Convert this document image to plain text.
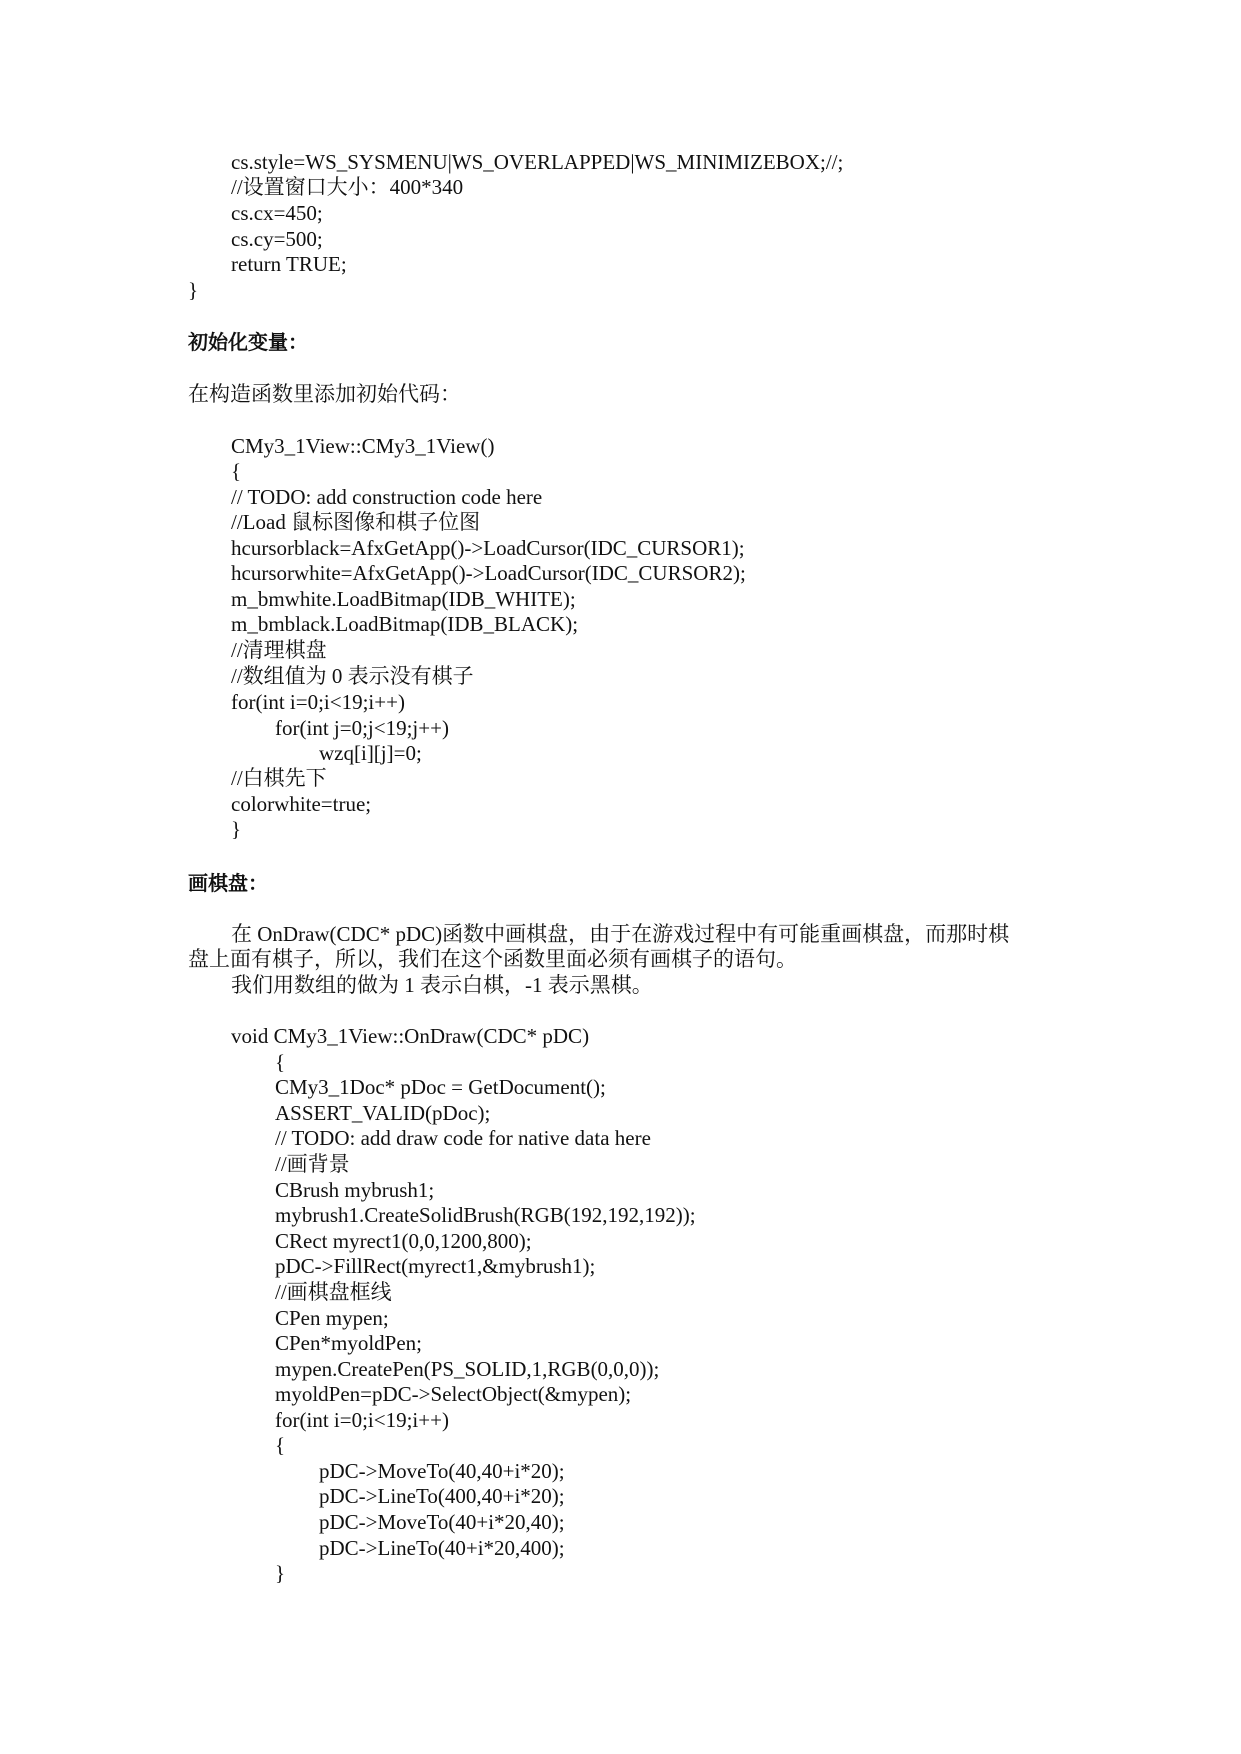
cs.style=WS_SYSMENU|WS_OVERLAPPED|WS_MINIMIZEBOX;//;
//设置窗口大小：400*340
cs.cx=450;
cs.cy=500;
return TRUE;
}
初始化变量：
在构造函数里添加初始代码：
CMy3_1View::CMy3_1View()
{
// TODO: add construction code here
//Load 鼠标图像和棋子位图
hcursorblack=AfxGetApp()->LoadCursor(IDC_CURSOR1);
hcursorwhite=AfxGetApp()->LoadCursor(IDC_CURSOR2);
m_bmwhite.LoadBitmap(IDB_WHITE);
m_bmblack.LoadBitmap(IDB_BLACK);
//清理棋盘
//数组值为 0 表示没有棋子
for(int i=0;i<19;i++)
for(int j=0;j<19;j++)
wzq[i][j]=0;
//白棋先下
colorwhite=true;
}
画棋盘：
在 OnDraw(CDC* pDC)函数中画棋盘，由于在游戏过程中有可能重画棋盘，而那时棋
盘上面有棋子，所以，我们在这个函数里面必须有画棋子的语句。
我们用数组的做为 1 表示白棋，-1 表示黑棋。
void CMy3_1View::OnDraw(CDC* pDC)
{
CMy3_1Doc* pDoc = GetDocument();
ASSERT_VALID(pDoc);
// TODO: add draw code for native data here
//画背景
CBrush mybrush1;
mybrush1.CreateSolidBrush(RGB(192,192,192));
CRect myrect1(0,0,1200,800);
pDC->FillRect(myrect1,&mybrush1);
//画棋盘框线
CPen mypen;
CPen*myoldPen;
mypen.CreatePen(PS_SOLID,1,RGB(0,0,0));
myoldPen=pDC->SelectObject(&mypen);
for(int i=0;i<19;i++)
{
pDC->MoveTo(40,40+i*20);
pDC->LineTo(400,40+i*20);
pDC->MoveTo(40+i*20,40);
pDC->LineTo(40+i*20,400);
}
